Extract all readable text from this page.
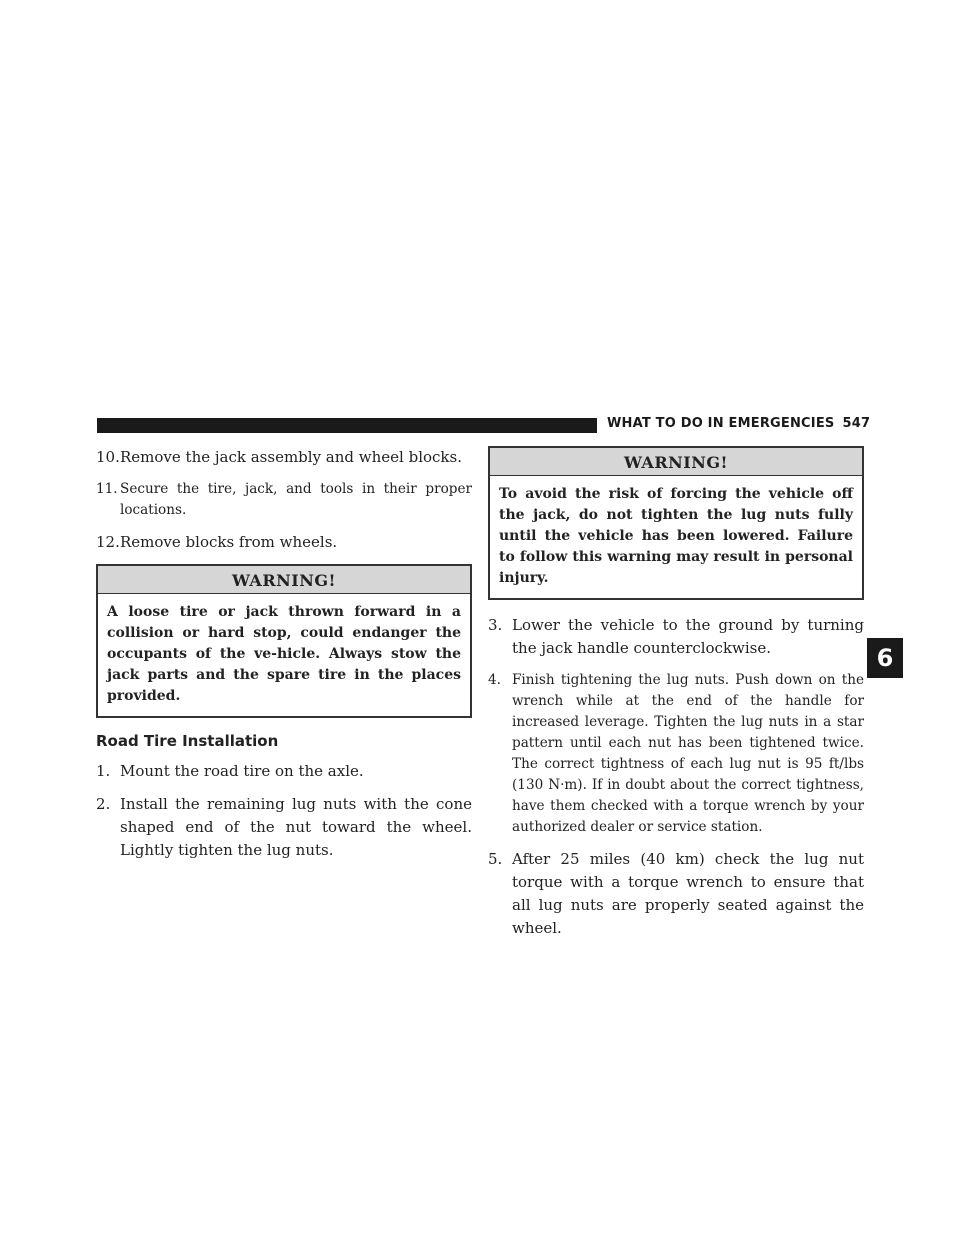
WHAT TO DO IN EMERGENCIES 547

10.Remove the jack assembly and wheel blocks.

11. Secure the tire, jack, and tools in their proper locations.

12.Remove blocks from wheels.

WARNING!
A loose tire or jack thrown forward in a collision or hard stop, could endanger the occupants of the ve-hicle. Always stow the jack parts and the spare tire in the places provided.
Road Tire Installation

1. Mount the road tire on the axle.

2. Install the remaining lug nuts with the cone shaped end of the nut toward the wheel. Lightly tighten the lug nuts.

WARNING!
To avoid the risk of forcing the vehicle off the jack, do not tighten the lug nuts fully until the vehicle has been lowered. Failure to follow this warning may result in personal injury.

3. Lower the vehicle to the ground by turning the jack handle counterclockwise.

4. Finish tightening the lug nuts. Push down on the wrench while at the end of the handle for increased leverage. Tighten the lug nuts in a star pattern until each nut has been tightened twice. The correct tightness of each lug nut is 95 ft/lbs (130 N·m). If in doubt about the correct tightness, have them checked with a torque wrench by your authorized dealer or service station.

5. After 25 miles (40 km) check the lug nut torque with a torque wrench to ensure that all lug nuts are properly seated against the wheel.

6
